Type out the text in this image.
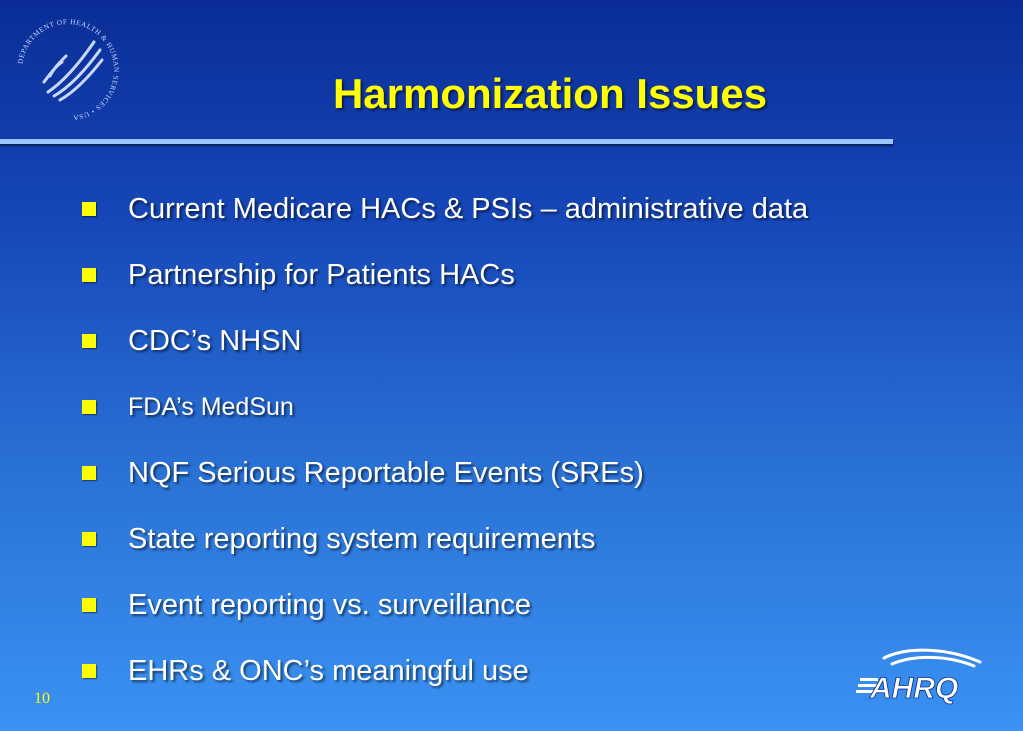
DEPARTMENT OF HEALTH & HUMAN SERVICES • USA
Harmonization Issues
Current Medicare HACs & PSIs – administrative data
Partnership for Patients HACs
CDC’s NHSN
FDA’s MedSun
NQF Serious Reportable Events (SREs)
State reporting system requirements
Event reporting vs. surveillance
EHRs & ONC’s meaningful use
10	AHRQ
